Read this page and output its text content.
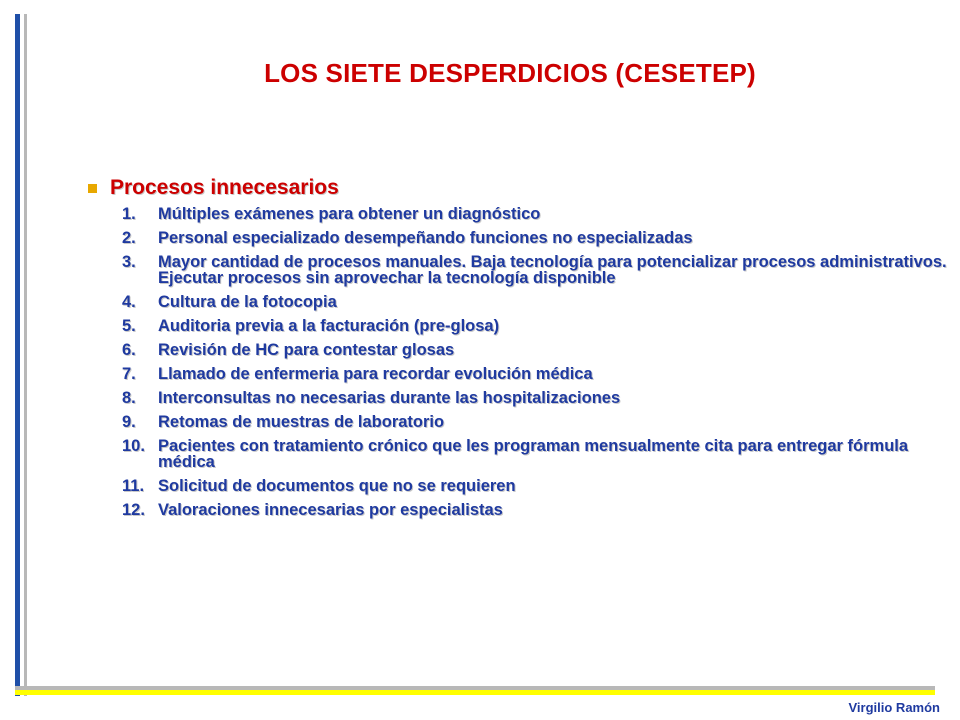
LOS SIETE DESPERDICIOS (CESETEP)
Procesos innecesarios
1. Múltiples exámenes para obtener un diagnóstico
2. Personal especializado desempeñando funciones no especializadas
3. Mayor cantidad de procesos manuales. Baja tecnología para potencializar procesos administrativos. Ejecutar procesos sin aprovechar la tecnología disponible
4. Cultura de la fotocopia
5. Auditoria previa a la facturación (pre-glosa)
6. Revisión de HC para contestar glosas
7. Llamado de enfermeria para recordar evolución médica
8. Interconsultas no necesarias durante las hospitalizaciones
9. Retomas de muestras de laboratorio
10. Pacientes con tratamiento crónico que les programan mensualmente cita para entregar fórmula médica
11. Solicitud de documentos que no se requieren
12. Valoraciones innecesarias por especialistas
Virgilio Ramón
